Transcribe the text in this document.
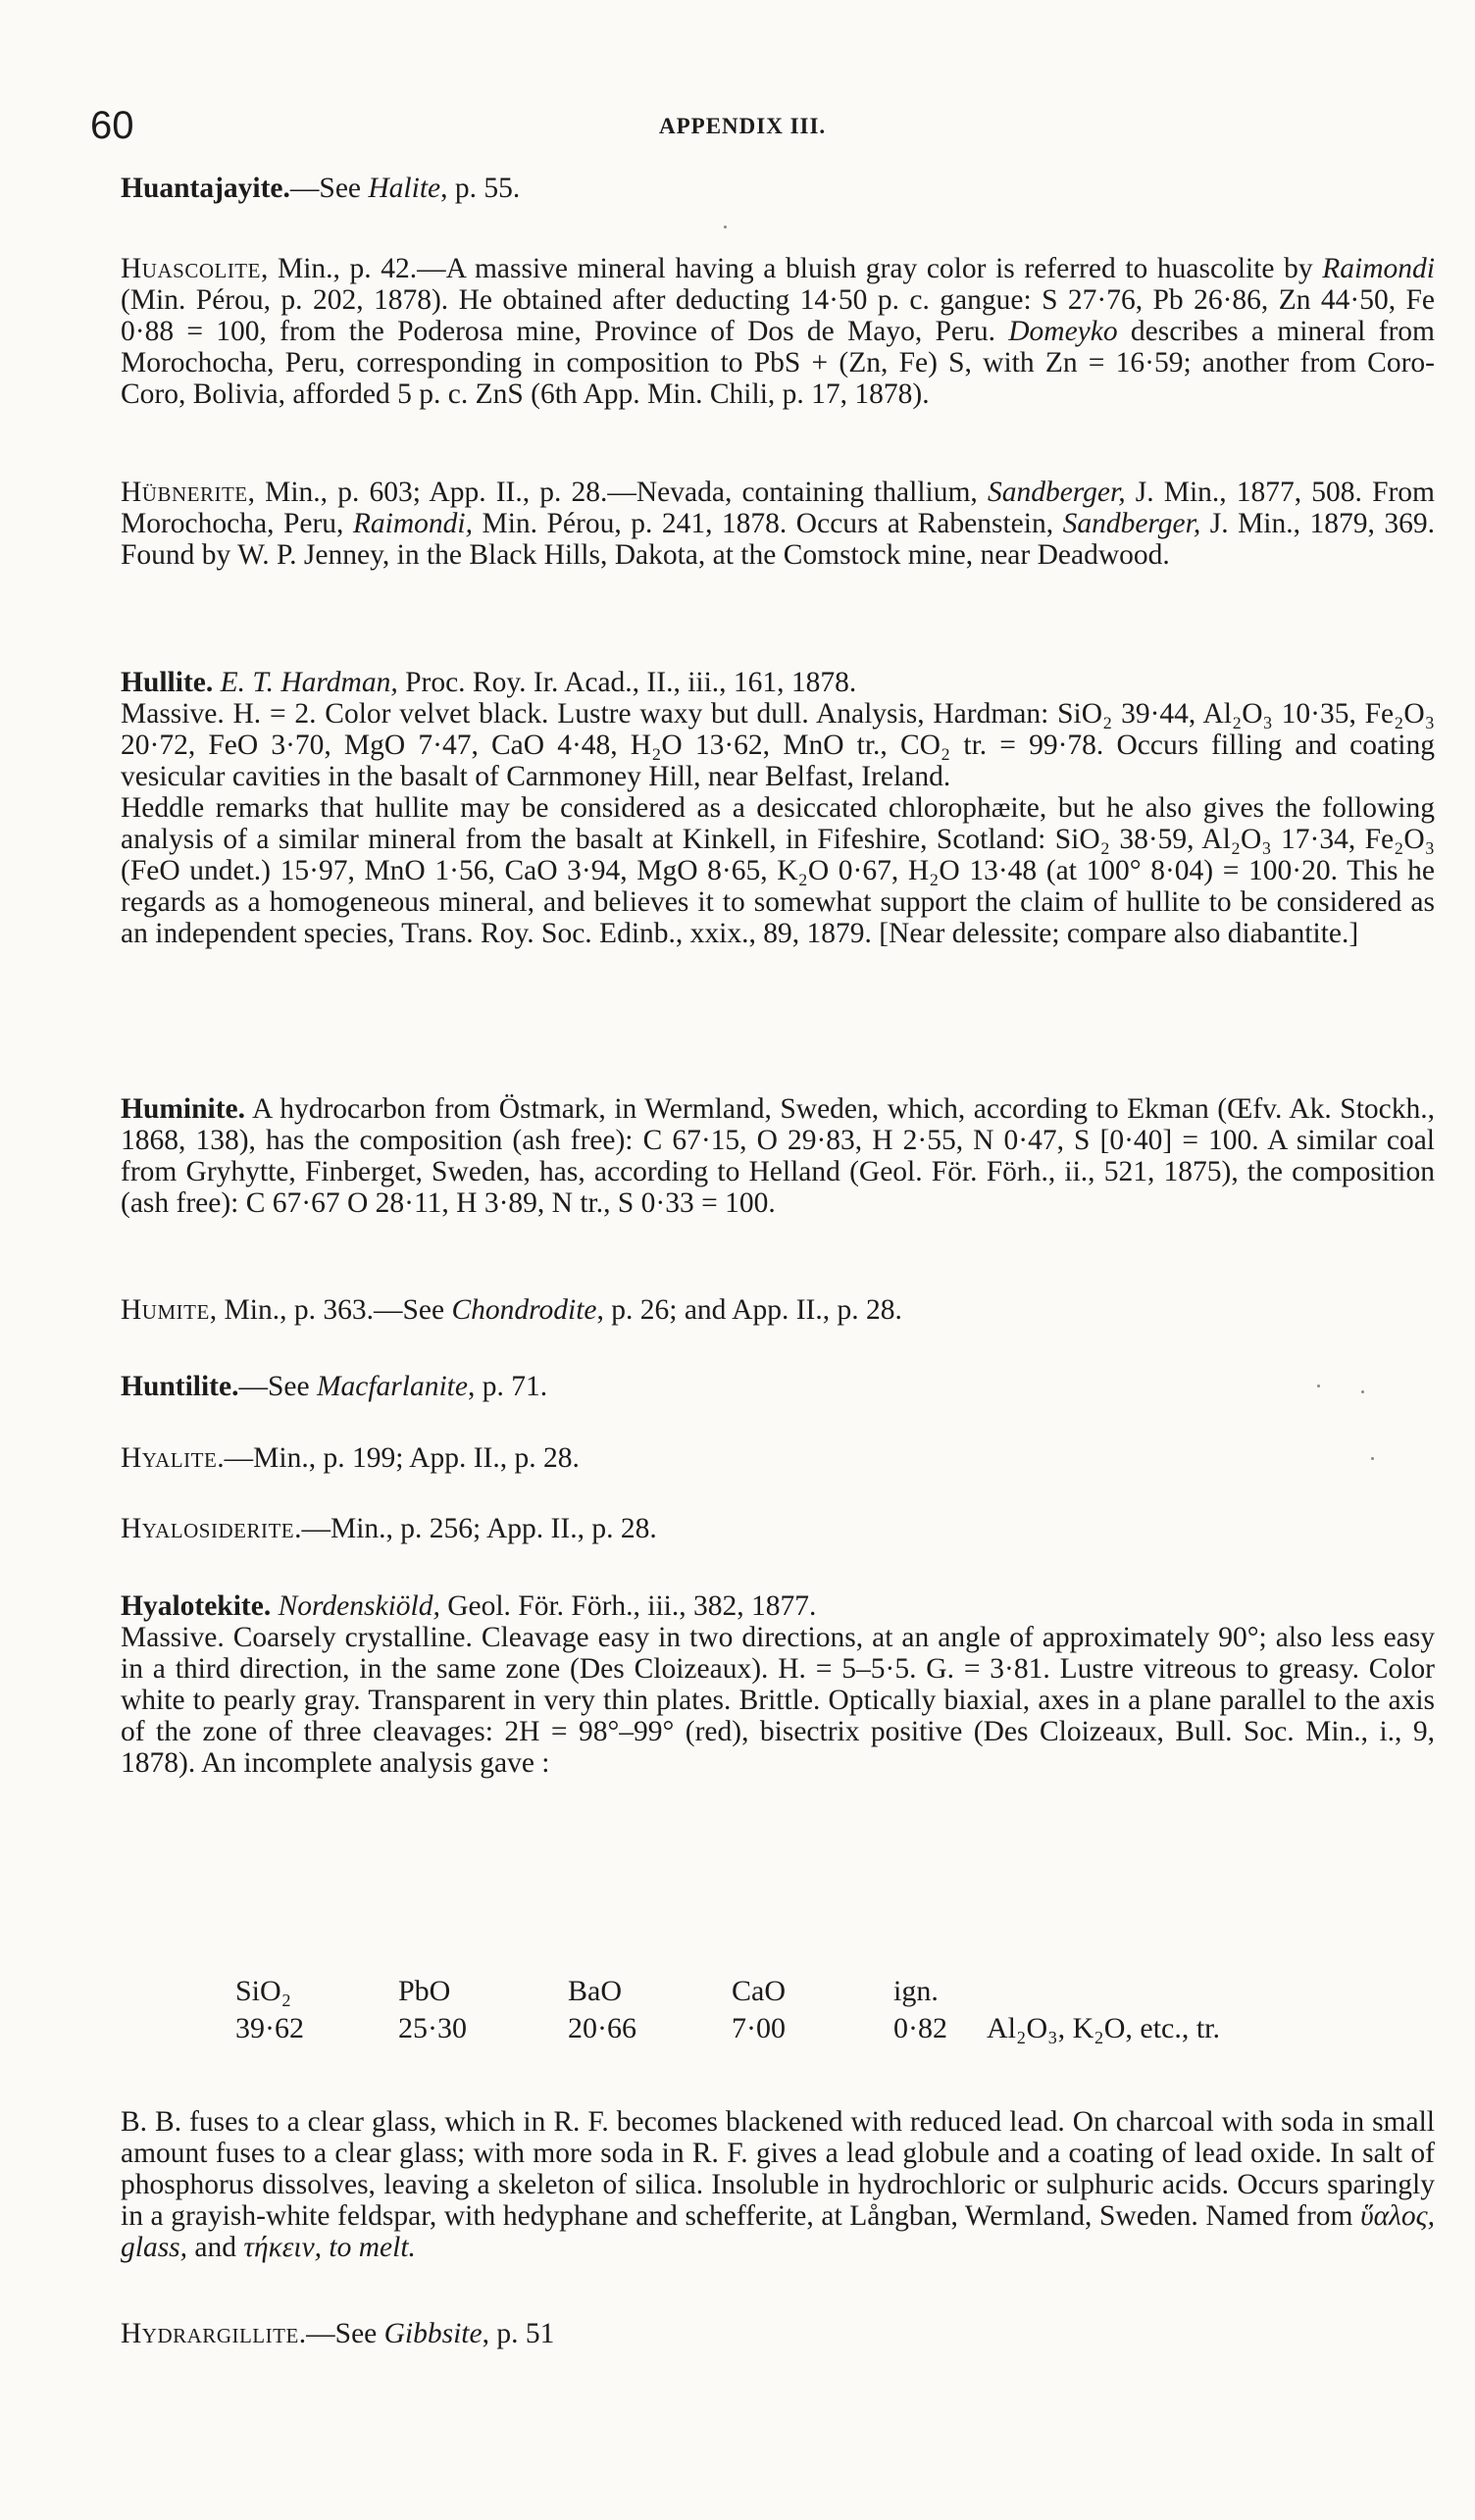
60	APPENDIX III.

Huantajayite.—See Halite, p. 55.

Huascolite, Min., p. 42.—A massive mineral having a bluish gray color is referred to huascolite by Raimondi (Min. Pérou, p. 202, 1878). He obtained after deducting 14·50 p. c. gangue: S 27·76, Pb 26·86, Zn 44·50, Fe 0·88 = 100, from the Poderosa mine, Province of Dos de Mayo, Peru. Domeyko describes a mineral from Morochocha, Peru, corresponding in composition to PbS + (Zn, Fe) S, with Zn = 16·59; another from Coro-Coro, Bolivia, afforded 5 p. c. ZnS (6th App. Min. Chili, p. 17, 1878).

Hübnerite, Min., p. 603; App. II., p. 28.—Nevada, containing thallium, Sandberger, J. Min., 1877, 508. From Morochocha, Peru, Raimondi, Min. Pérou, p. 241, 1878. Occurs at Rabenstein, Sandberger, J. Min., 1879, 369. Found by W. P. Jenney, in the Black Hills, Dakota, at the Comstock mine, near Deadwood.

Hullite. E. T. Hardman, Proc. Roy. Ir. Acad., II., iii., 161, 1878.

Massive. H. = 2. Color velvet black. Lustre waxy but dull. Analysis, Hardman: SiO₂ 39·44, Al₂O₃ 10·35, Fe₂O₃ 20·72, FeO 3·70, MgO 7·47, CaO 4·48, H₂O 13·62, MnO tr., CO₂ tr. = 99·78. Occurs filling and coating vesicular cavities in the basalt of Carnmoney Hill, near Belfast, Ireland.

Heddle remarks that hullite may be considered as a desiccated chlorophæite, but he also gives the following analysis of a similar mineral from the basalt at Kinkell, in Fifeshire, Scotland: SiO₂ 38·59, Al₂O₃ 17·34, Fe₂O₃ (FeO undet.) 15·97, MnO 1·56, CaO 3·94, MgO 8·65, K₂O 0·67, H₂O 13·48 (at 100° 8·04) = 100·20. This he regards as a homogeneous mineral, and believes it to somewhat support the claim of hullite to be considered as an independent species, Trans. Roy. Soc. Edinb., xxix., 89, 1879. [Near delessite; compare also diabantite.]

Huminite. A hydrocarbon from Östmark, in Wermland, Sweden, which, according to Ekman (Œfv. Ak. Stockh., 1868, 138), has the composition (ash free): C 67·15, O 29·83, H 2·55, N 0·47, S [0·40] = 100. A similar coal from Gryhytte, Finberget, Sweden, has, according to Helland (Geol. För. Förh., ii., 521, 1875), the composition (ash free): C 67·67 O 28·11, H 3·89, N tr., S 0·33 = 100.

Humite, Min., p. 363.—See Chondrodite, p. 26; and App. II., p. 28.

Huntilite.—See Macfarlanite, p. 71.

Hyalite.—Min., p. 199; App. II., p. 28.

Hyalosiderite.—Min., p. 256; App. II., p. 28.

Hyalotekite. Nordenskiöld, Geol. För. Förh., iii., 382, 1877.

Massive. Coarsely crystalline. Cleavage easy in two directions, at an angle of approximately 90°; also less easy in a third direction, in the same zone (Des Cloizeaux). H. = 5–5·5. G. = 3·81. Lustre vitreous to greasy. Color white to pearly gray. Transparent in very thin plates. Brittle. Optically biaxial, axes in a plane parallel to the axis of the zone of three cleavages: 2H = 98°–99° (red), bisectrix positive (Des Cloizeaux, Bull. Soc. Min., i., 9, 1878). An incomplete analysis gave :

SiO₂	PbO	BaO	CaO	ign.	
39·62	25·30	20·66	7·00	0·82	Al₂O₃, K₂O, etc., tr.

B. B. fuses to a clear glass, which in R. F. becomes blackened with reduced lead. On charcoal with soda in small amount fuses to a clear glass; with more soda in R. F. gives a lead globule and a coating of lead oxide. In salt of phosphorus dissolves, leaving a skeleton of silica. Insoluble in hydrochloric or sulphuric acids. Occurs sparingly in a grayish-white feldspar, with hedyphane and schefferite, at Långban, Wermland, Sweden. Named from ὕαλος, glass, and τήκειν, to melt.

Hydrargillite.—See Gibbsite, p. 51
